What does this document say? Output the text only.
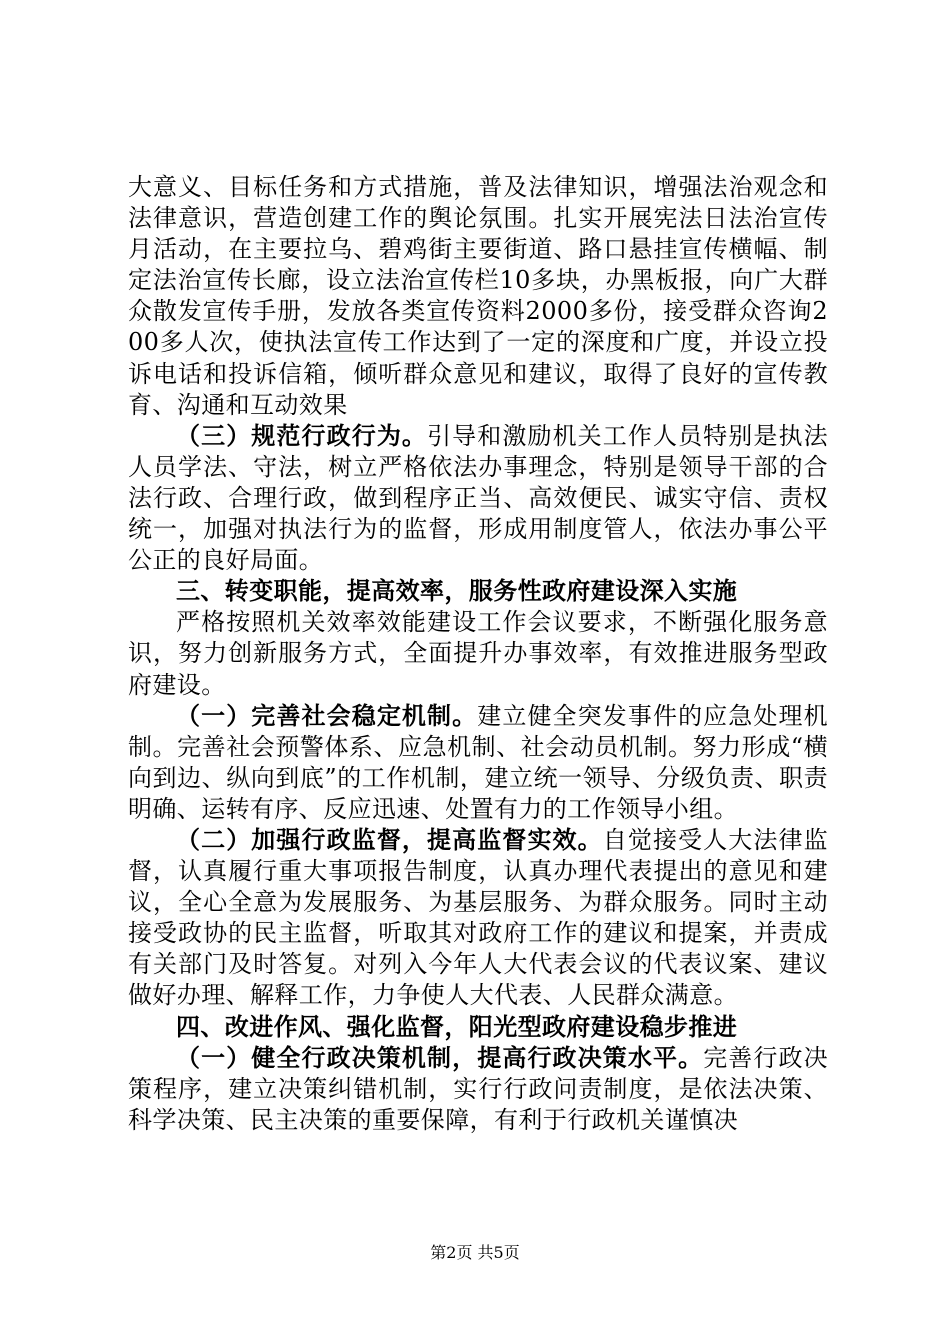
大意义、目标任务和方式措施，普及法律知识，增强法治观念和法律意识，营造创建工作的舆论氛围。扎实开展宪法日法治宣传月活动，在主要拉乌、碧鸡街主要街道、路口悬挂宣传横幅、制定法治宣传长廊，设立法治宣传栏10多块，办黑板报，向广大群众散发宣传手册，发放各类宣传资料2000多份，接受群众咨询200多人次，使执法宣传工作达到了一定的深度和广度，并设立投诉电话和投诉信箱，倾听群众意见和建议，取得了良好的宣传教育、沟通和互动效果

（三）规范行政行为。引导和激励机关工作人员特别是执法人员学法、守法，树立严格依法办事理念，特别是领导干部的合法行政、合理行政，做到程序正当、高效便民、诚实守信、责权统一，加强对执法行为的监督，形成用制度管人，依法办事公平公正的良好局面。

三、转变职能，提高效率，服务性政府建设深入实施

严格按照机关效率效能建设工作会议要求，不断强化服务意识，努力创新服务方式，全面提升办事效率，有效推进服务型政府建设。

（一）完善社会稳定机制。建立健全突发事件的应急处理机制。完善社会预警体系、应急机制、社会动员机制。努力形成“横向到边、纵向到底”的工作机制，建立统一领导、分级负责、职责明确、运转有序、反应迅速、处置有力的工作领导小组。

（二）加强行政监督，提高监督实效。自觉接受人大法律监督，认真履行重大事项报告制度，认真办理代表提出的意见和建议，全心全意为发展服务、为基层服务、为群众服务。同时主动接受政协的民主监督，听取其对政府工作的建议和提案，并责成有关部门及时答复。对列入今年人大代表会议的代表议案、建议做好办理、解释工作，力争使人大代表、人民群众满意。

四、改进作风、强化监督，阳光型政府建设稳步推进

（一）健全行政决策机制，提高行政决策水平。完善行政决策程序，建立决策纠错机制，实行行政问责制度，是依法决策、科学决策、民主决策的重要保障，有利于行政机关谨慎决

第2页 共5页
